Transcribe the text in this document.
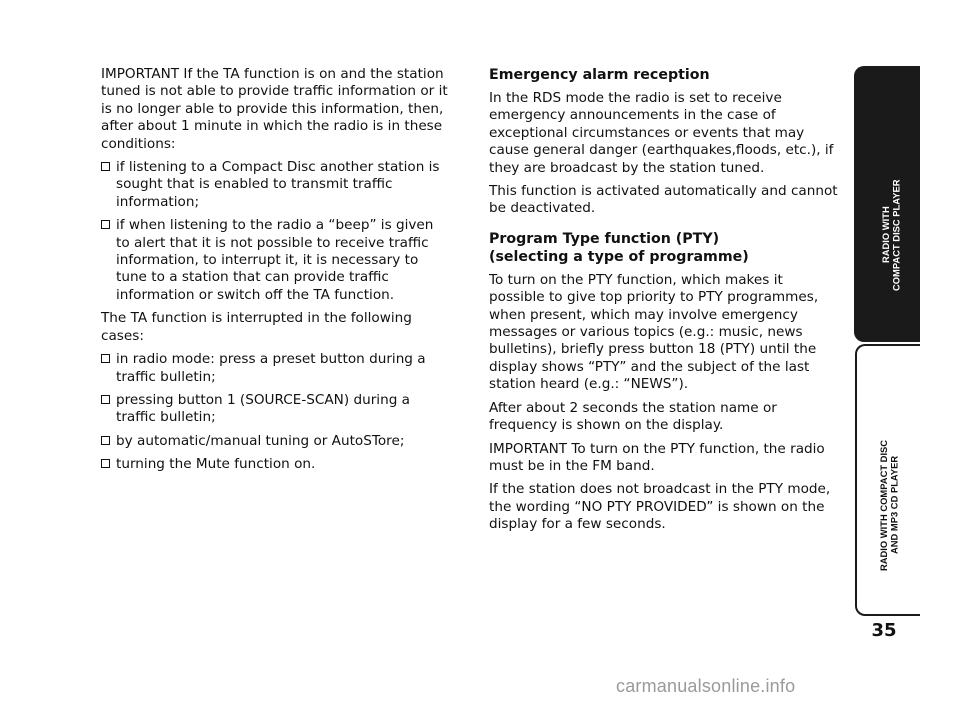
IMPORTANT If the TA function is on and the station tuned is not able to provide traffic information or it is no longer able to provide this information, then, after about 1 minute in which the radio is in these conditions:

if listening to a Compact Disc another station is sought that is enabled to transmit traffic information;
if when listening to the radio a “beep” is given to alert that it is not possible to receive traffic information, to interrupt it, it is necessary to tune to a station that can provide traffic information or switch off the TA function.

The TA function is interrupted in the following cases:

in radio mode: press a preset button during a traffic bulletin;
pressing button 1 (SOURCE-SCAN) during a traffic bulletin;
by automatic/manual tuning or AutoSTore;
turning the Mute function on.
Emergency alarm reception

In the RDS mode the radio is set to receive emergency announcements in the case of exceptional circumstances or events that may cause general danger (earthquakes,floods, etc.), if they are broadcast by the station tuned.

This function is activated automatically and cannot be deactivated.

Program Type function (PTY)
(selecting a type of programme)

To turn on the PTY function, which makes it possible to give top priority to PTY programmes, when present, which may involve emergency messages or various topics (e.g.: music, news bulletins), briefly press button 18 (PTY) until the display shows “PTY” and the subject of the last station heard (e.g.: “NEWS”).

After about 2 seconds the station name or frequency is shown on the display.

IMPORTANT To turn on the PTY function, the radio must be in the FM band.

If the station does not broadcast in the PTY mode, the wording “NO PTY PROVIDED” is shown on the display for a few seconds.

RADIO WITH
COMPACT DISC PLAYER
RADIO WITH COMPACT DISC
AND MP3 CD PLAYER
35
carmanualsonline.info
